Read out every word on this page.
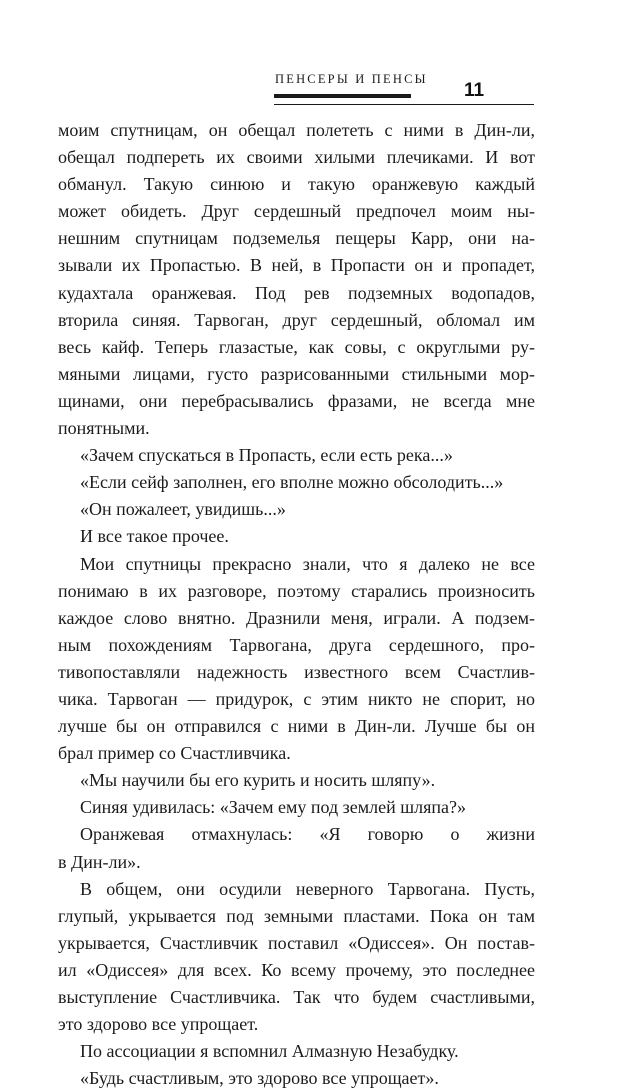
ПЕНСЕРЫ И ПЕНСЫ
11
моим спутницам, он обещал полететь с ними в Дин-ли,
обещал подпереть их своими хилыми плечиками. И вот
обманул. Такую синюю и такую оранжевую каждый
может обидеть. Друг сердешный предпочел моим ны-
нешним спутницам подземелья пещеры Карр, они на-
зывали их Пропастью. В ней, в Пропасти он и пропадет,
кудахтала оранжевая. Под рев подземных водопадов,
вторила синяя. Тарвоган, друг сердешный, обломал им
весь кайф. Теперь глазастые, как совы, с округлыми ру-
мяными лицами, густо разрисованными стильными мор-
щинами, они перебрасывались фразами, не всегда мне
понятными.
«Зачем спускаться в Пропасть, если есть река...»
«Если сейф заполнен, его вполне можно обсолодить...»
«Он пожалеет, увидишь...»
И все такое прочее.
Мои спутницы прекрасно знали, что я далеко не все
понимаю в их разговоре, поэтому старались произносить
каждое слово внятно. Дразнили меня, играли. А подзем-
ным похождениям Тарвогана, друга сердешного, про-
тивопоставляли надежность известного всем Счастлив-
чика. Тарвоган — придурок, с этим никто не спорит, но
лучше бы он отправился с ними в Дин-ли. Лучше бы он
брал пример со Счастливчика.
«Мы научили бы его курить и носить шляпу».
Синяя удивилась: «Зачем ему под землей шляпа?»
Оранжевая отмахнулась: «Я говорю о жизни
в Дин-ли».
В общем, они осудили неверного Тарвогана. Пусть,
глупый, укрывается под земными пластами. Пока он там
укрывается, Счастливчик поставил «Одиссея». Он постав-
ил «Одиссея» для всех. Ко всему прочему, это последнее
выступление Счастливчика. Так что будем счастливыми,
это здорово все упрощает.
По ассоциации я вспомнил Алмазную Незабудку.
«Будь счастливым, это здорово все упрощает».
